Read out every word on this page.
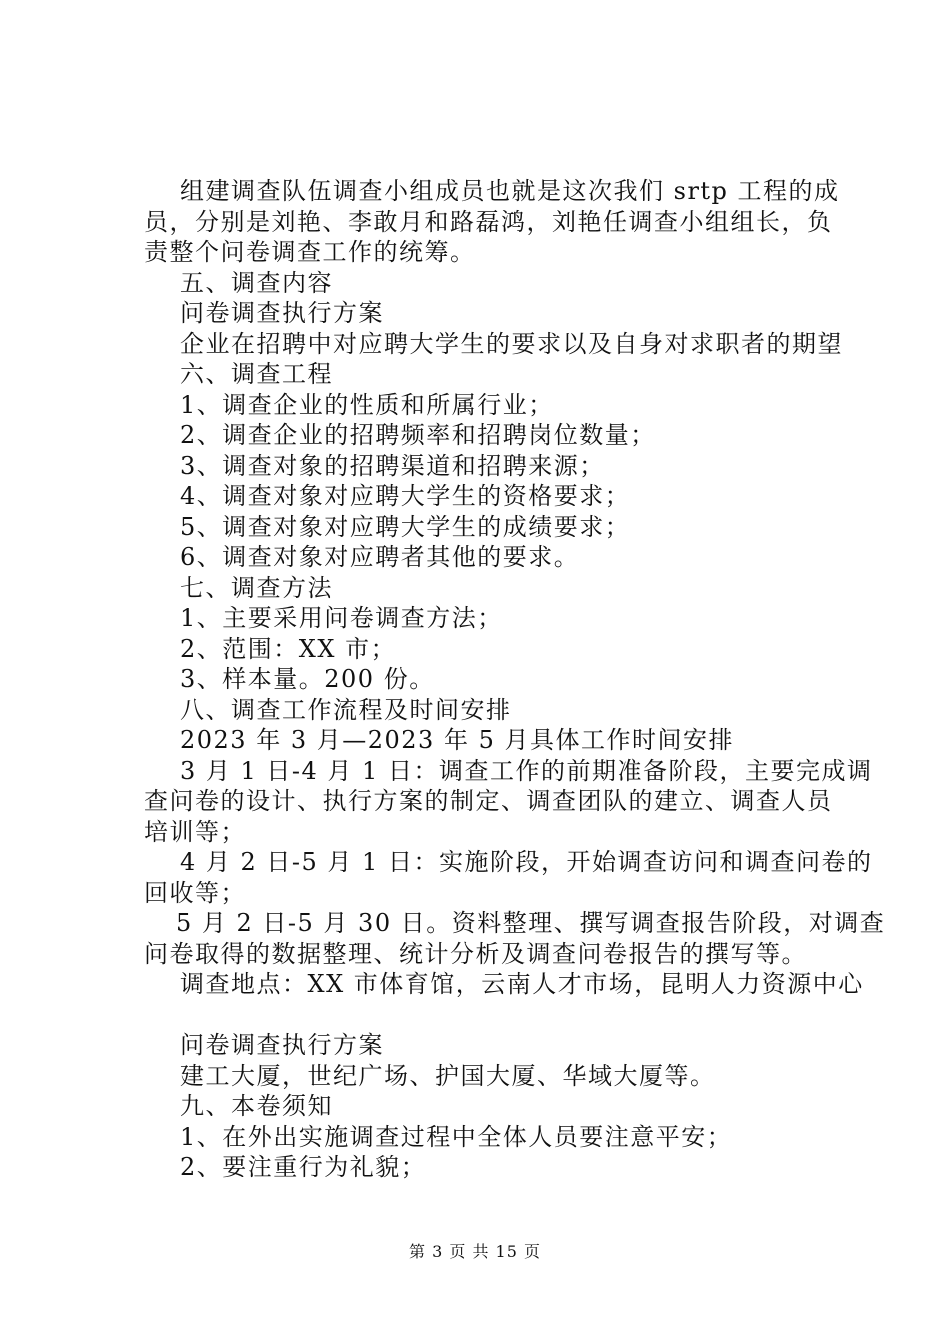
组建调查队伍调查小组成员也就是这次我们 srtp 工程的成
员，分别是刘艳、李敢月和路磊鸿，刘艳任调查小组组长，负
责整个问卷调查工作的统筹。
五、调查内容
问卷调查执行方案
企业在招聘中对应聘大学生的要求以及自身对求职者的期望
六、调查工程
1、调查企业的性质和所属行业；
2、调查企业的招聘频率和招聘岗位数量；
3、调查对象的招聘渠道和招聘来源；
4、调查对象对应聘大学生的资格要求；
5、调查对象对应聘大学生的成绩要求；
6、调查对象对应聘者其他的要求。
七、调查方法
1、主要采用问卷调查方法；
2、范围：XX 市；
3、样本量。200 份。
八、调查工作流程及时间安排
2023 年 3 月—2023 年 5 月具体工作时间安排
3 月 1 日-4 月 1 日：调查工作的前期准备阶段，主要完成调
查问卷的设计、执行方案的制定、调查团队的建立、调查人员
培训等；
4 月 2 日-5 月 1 日：实施阶段，开始调查访问和调查问卷的
回收等；
5 月 2 日-5 月 30 日。资料整理、撰写调查报告阶段，对调查
问卷取得的数据整理、统计分析及调查问卷报告的撰写等。
调查地点：XX 市体育馆，云南人才市场，昆明人力资源中心
问卷调查执行方案
建工大厦，世纪广场、护国大厦、华域大厦等。
九、本卷须知
1、在外出实施调查过程中全体人员要注意平安；
2、要注重行为礼貌；
第 3 页 共 15 页
